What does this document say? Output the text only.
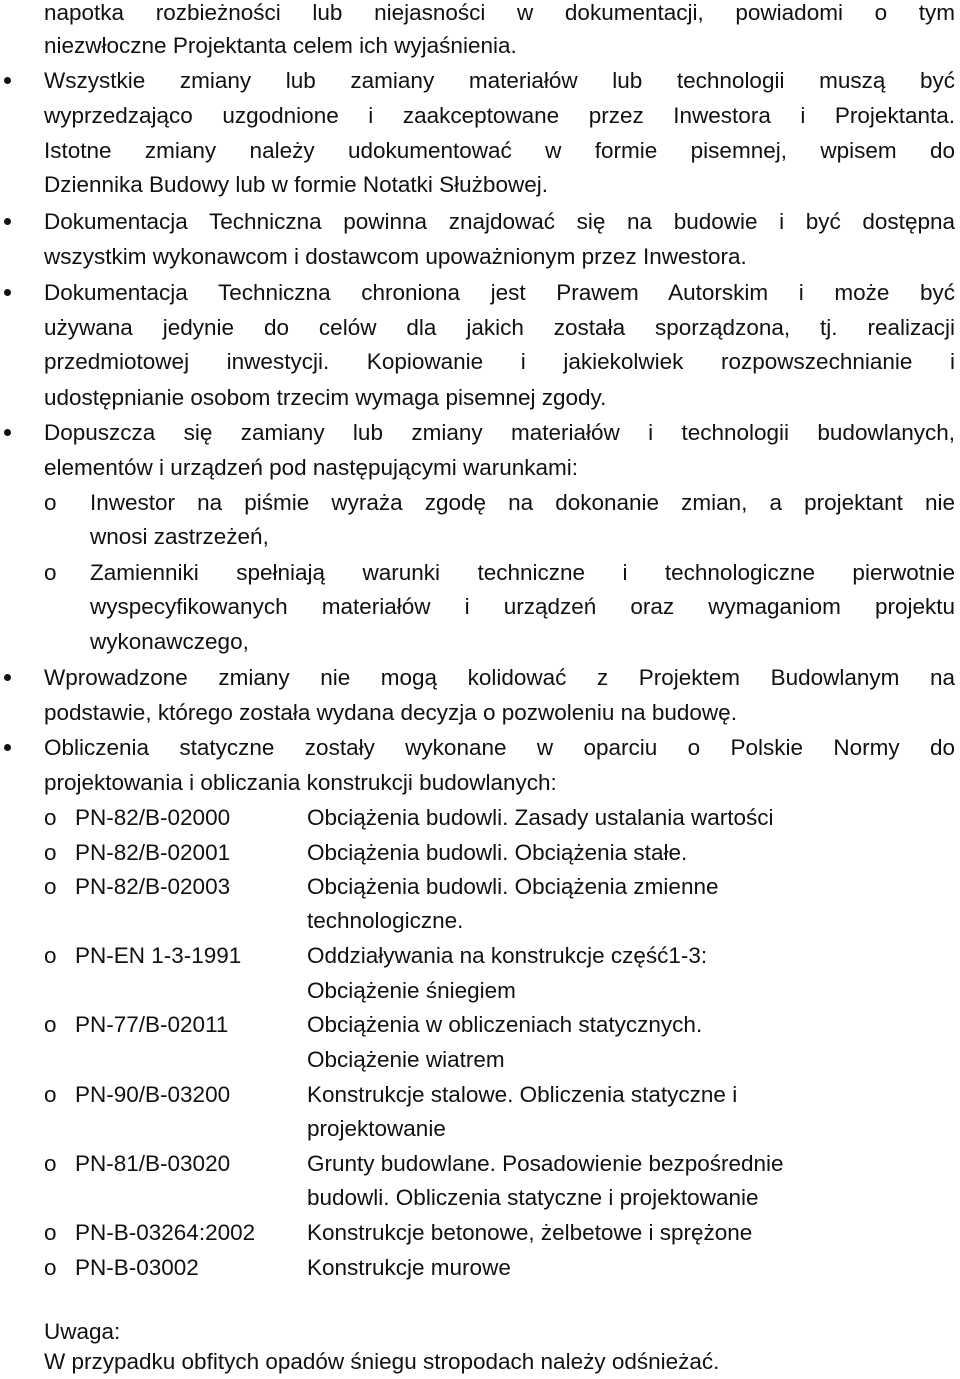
napotka rozbieżności lub niejasności w dokumentacji, powiadomi o tym
niezwłoczne Projektanta celem ich wyjaśnienia.
Wszystkie zmiany lub zamiany materiałów lub technologii muszą być
wyprzedzająco uzgodnione i zaakceptowane przez Inwestora i Projektanta.
Istotne zmiany należy udokumentować w formie pisemnej, wpisem do
Dziennika Budowy lub w formie Notatki Służbowej.
Dokumentacja Techniczna powinna znajdować się na budowie i być dostępna
wszystkim wykonawcom i dostawcom upoważnionym przez Inwestora.
Dokumentacja Techniczna chroniona jest Prawem Autorskim i może być
używana jedynie do celów dla jakich została sporządzona, tj. realizacji
przedmiotowej inwestycji. Kopiowanie i jakiekolwiek rozpowszechnianie i
udostępnianie osobom trzecim wymaga pisemnej zgody.
Dopuszcza się zamiany lub zmiany materiałów i technologii budowlanych,
elementów i urządzeń pod następującymi warunkami:
o	Inwestor na piśmie wyraża zgodę na dokonanie zmian, a projektant nie
wnosi zastrzeżeń,
o	Zamienniki spełniają warunki techniczne i technologiczne pierwotnie
wyspecyfikowanych materiałów i urządzeń oraz wymaganiom projektu
wykonawczego,
Wprowadzone zmiany nie mogą kolidować z Projektem Budowlanym na
podstawie, którego została wydana decyzja o pozwoleniu na budowę.
Obliczenia statyczne zostały wykonane w oparciu o Polskie Normy do
projektowania i obliczania konstrukcji budowlanych:
o PN-82/B-02000	Obciążenia budowli. Zasady ustalania wartości
o PN-82/B-02001	Obciążenia budowli. Obciążenia stałe.
o PN-82/B-02003	Obciążenia budowli. Obciążenia zmienne
technologiczne.
o PN-EN 1-3-1991	Oddziaływania na konstrukcje część1-3:
Obciążenie śniegiem
o PN-77/B-02011	Obciążenia w obliczeniach statycznych.
Obciążenie wiatrem
o PN-90/B-03200	Konstrukcje stalowe. Obliczenia statyczne i
projektowanie
o PN-81/B-03020	Grunty budowlane. Posadowienie bezpośrednie
budowli. Obliczenia statyczne i projektowanie
o PN-B-03264:2002	Konstrukcje betonowe, żelbetowe i sprężone
o PN-B-03002	Konstrukcje murowe
Uwaga:
W przypadku obfitych opadów śniegu stropodach należy odśnieżać.
